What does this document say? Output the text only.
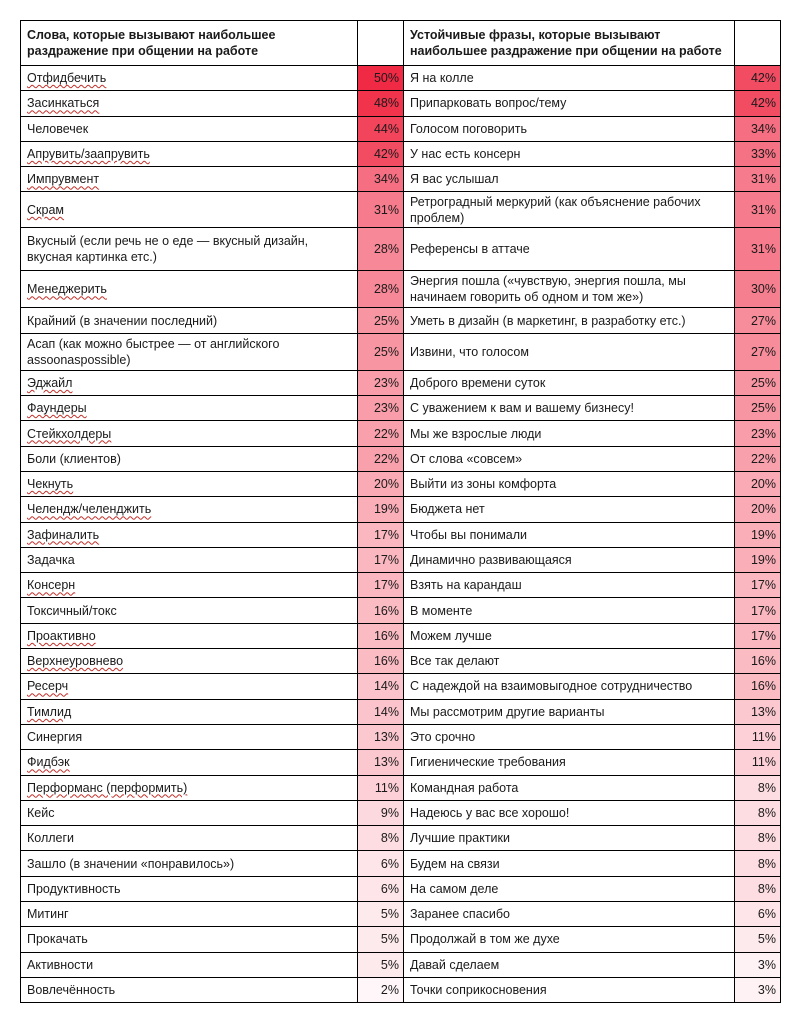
Слова, которые вызывают наибольшее раздражение при общении на работе			Устойчивые фразы, которые вызывают наибольшее раздражение при общении на работе	
Отфидбечить	50%		Я на колле	42%
Засинкаться	48%		Припарковать вопрос/тему	42%
Человечек	44%		Голосом поговорить	34%
Апрувить/заапрувить	42%		У нас есть консерн	33%
Импрувмент	34%		Я вас услышал	31%
Скрам	31%		Ретроградный меркурий (как объяснение рабочих проблем)	31%
Вкусный (если речь не о еде — вкусный дизайн, вкусная картинка етс.)	28%		Референсы в аттаче	31%
Менеджерить	28%		Энергия пошла («чувствую, энергия пошла, мы начинаем говорить об одном и том же»)	30%
Крайний (в значении последний)	25%		Уметь в дизайн (в маркетинг, в разработку етс.)	27%
Асап (как можно быстрее — от английского assoonaspossible)	25%		Извини, что голосом	27%
Эджайл	23%		Доброго времени суток	25%
Фаундеры	23%		С уважением к вам и вашему бизнесу!	25%
Стейкхолдеры	22%		Мы же взрослые люди	23%
Боли (клиентов)	22%		От слова «совсем»	22%
Чекнуть	20%		Выйти из зоны комфорта	20%
Челендж/челенджить	19%		Бюджета нет	20%
Зафиналить	17%		Чтобы вы понимали	19%
Задачка	17%		Динамично развивающаяся	19%
Консерн	17%		Взять на карандаш	17%
Токсичный/токс	16%		В моменте	17%
Проактивно	16%		Можем лучше	17%
Верхнеуровнево	16%		Все так делают	16%
Ресерч	14%		С надеждой на взаимовыгодное сотрудничество	16%
Тимлид	14%		Мы рассмотрим другие варианты	13%
Синергия	13%		Это срочно	11%
Фидбэк	13%		Гигиенические требования	11%
Перформанс (перформить)	11%		Командная работа	8%
Кейс	9%		Надеюсь у вас все хорошо!	8%
Коллеги	8%		Лучшие практики	8%
Зашло (в значении «понравилось»)	6%		Будем на связи	8%
Продуктивность	6%		На самом деле	8%
Митинг	5%		Заранее спасибо	6%
Прокачать	5%		Продолжай в том же духе	5%
Активности	5%		Давай сделаем	3%
Вовлечённость	2%		Точки соприкосновения	3%
